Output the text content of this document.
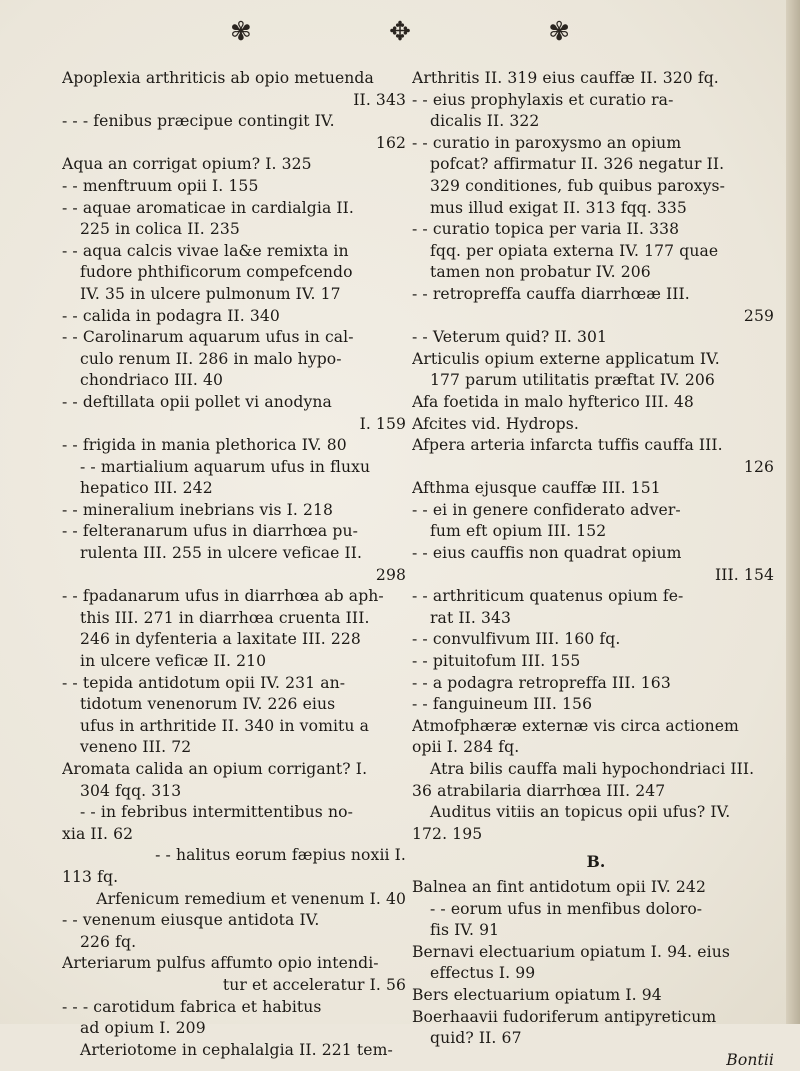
✾	✥	✾
Apoplexia arthriticis ab opio metuenda
II. 343
- - - fenibus præcipue contingit IV.
162
Aqua an corrigat opium? I. 325
- - menftruum opii I. 155
- - aquae aromaticae in cardialgia II.
225 in colica II. 235
- - aqua calcis vivae la&e remixta in
fudore phthificorum compefcendo
IV. 35 in ulcere pulmonum IV. 17
- - calida in podagra II. 340
- - Carolinarum aquarum ufus in cal-
culo renum II. 286 in malo hypo-
chondriaco III. 40
- - deftillata opii pollet vi anodyna
I. 159
- - frigida in mania plethorica IV. 80
- - martialium aquarum ufus in fluxu
hepatico III. 242
- - mineralium inebrians vis I. 218
- - felteranarum ufus in diarrhœa pu-
rulenta III. 255 in ulcere veficae II.
298
- - fpadanarum ufus in diarrhœa ab aph-
this III. 271 in diarrhœa cruenta III.
246 in dyfenteria a laxitate III. 228
in ulcere veficæ II. 210
- - tepida antidotum opii IV. 231 an-
tidotum venenorum IV. 226 eius
ufus in arthritide II. 340 in vomitu a
veneno III. 72
Aromata calida an opium corrigant? I.
304 fqq. 313
- - in febribus intermittentibus no-
xia II. 62
- - halitus eorum fæpius noxii I.
113 fq.
Arfenicum remedium et venenum I. 40
- - venenum eiusque antidota IV.
226 fq.
Arteriarum pulfus affumto opio intendi-
tur et acceleratur I. 56
- - - carotidum fabrica et habitus
ad opium I. 209
Arteriotome in cephalalgia II. 221 tem-
Arthritis II. 319 eius cauffæ II. 320 fq.
- - eius prophylaxis et curatio ra-
dicalis II. 322
- - curatio in paroxysmo an opium
pofcat? affirmatur II. 326 negatur II.
329 conditiones, fub quibus paroxys-
mus illud exigat II. 313 fqq. 335
- - curatio topica per varia II. 338
fqq. per opiata externa IV. 177 quae
tamen non probatur IV. 206
- - retropreffa cauffa diarrhœæ III.
259
- - Veterum quid? II. 301
Articulis opium externe applicatum IV.
177 parum utilitatis præftat IV. 206
Afa foetida in malo hyfterico III. 48
Afcites vid. Hydrops.
Afpera arteria infarcta tuffis cauffa III.
126
Afthma ejusque cauffæ III. 151
- - ei in genere confiderato adver-
fum eft opium III. 152
- - eius cauffis non quadrat opium
III. 154
- - arthriticum quatenus opium fe-
rat II. 343
- - convulfivum III. 160 fq.
- - pituitofum III. 155
- - a podagra retropreffa III. 163
- - fanguineum III. 156
Atmofphæræ externæ vis circa actionem
opii I. 284 fq.
Atra bilis cauffa mali hypochondriaci III.
36 atrabilaria diarrhœa III. 247
Auditus vitiis an topicus opii ufus? IV.
172. 195
B.
Balnea an fint antidotum opii IV. 242
- - eorum ufus in menfibus doloro-
fis IV. 91
Bernavi electuarium opiatum I. 94. eius
effectus I. 99
Bers electuarium opiatum I. 94
Boerhaavii fudoriferum antipyreticum
quid? II. 67
Bontii
